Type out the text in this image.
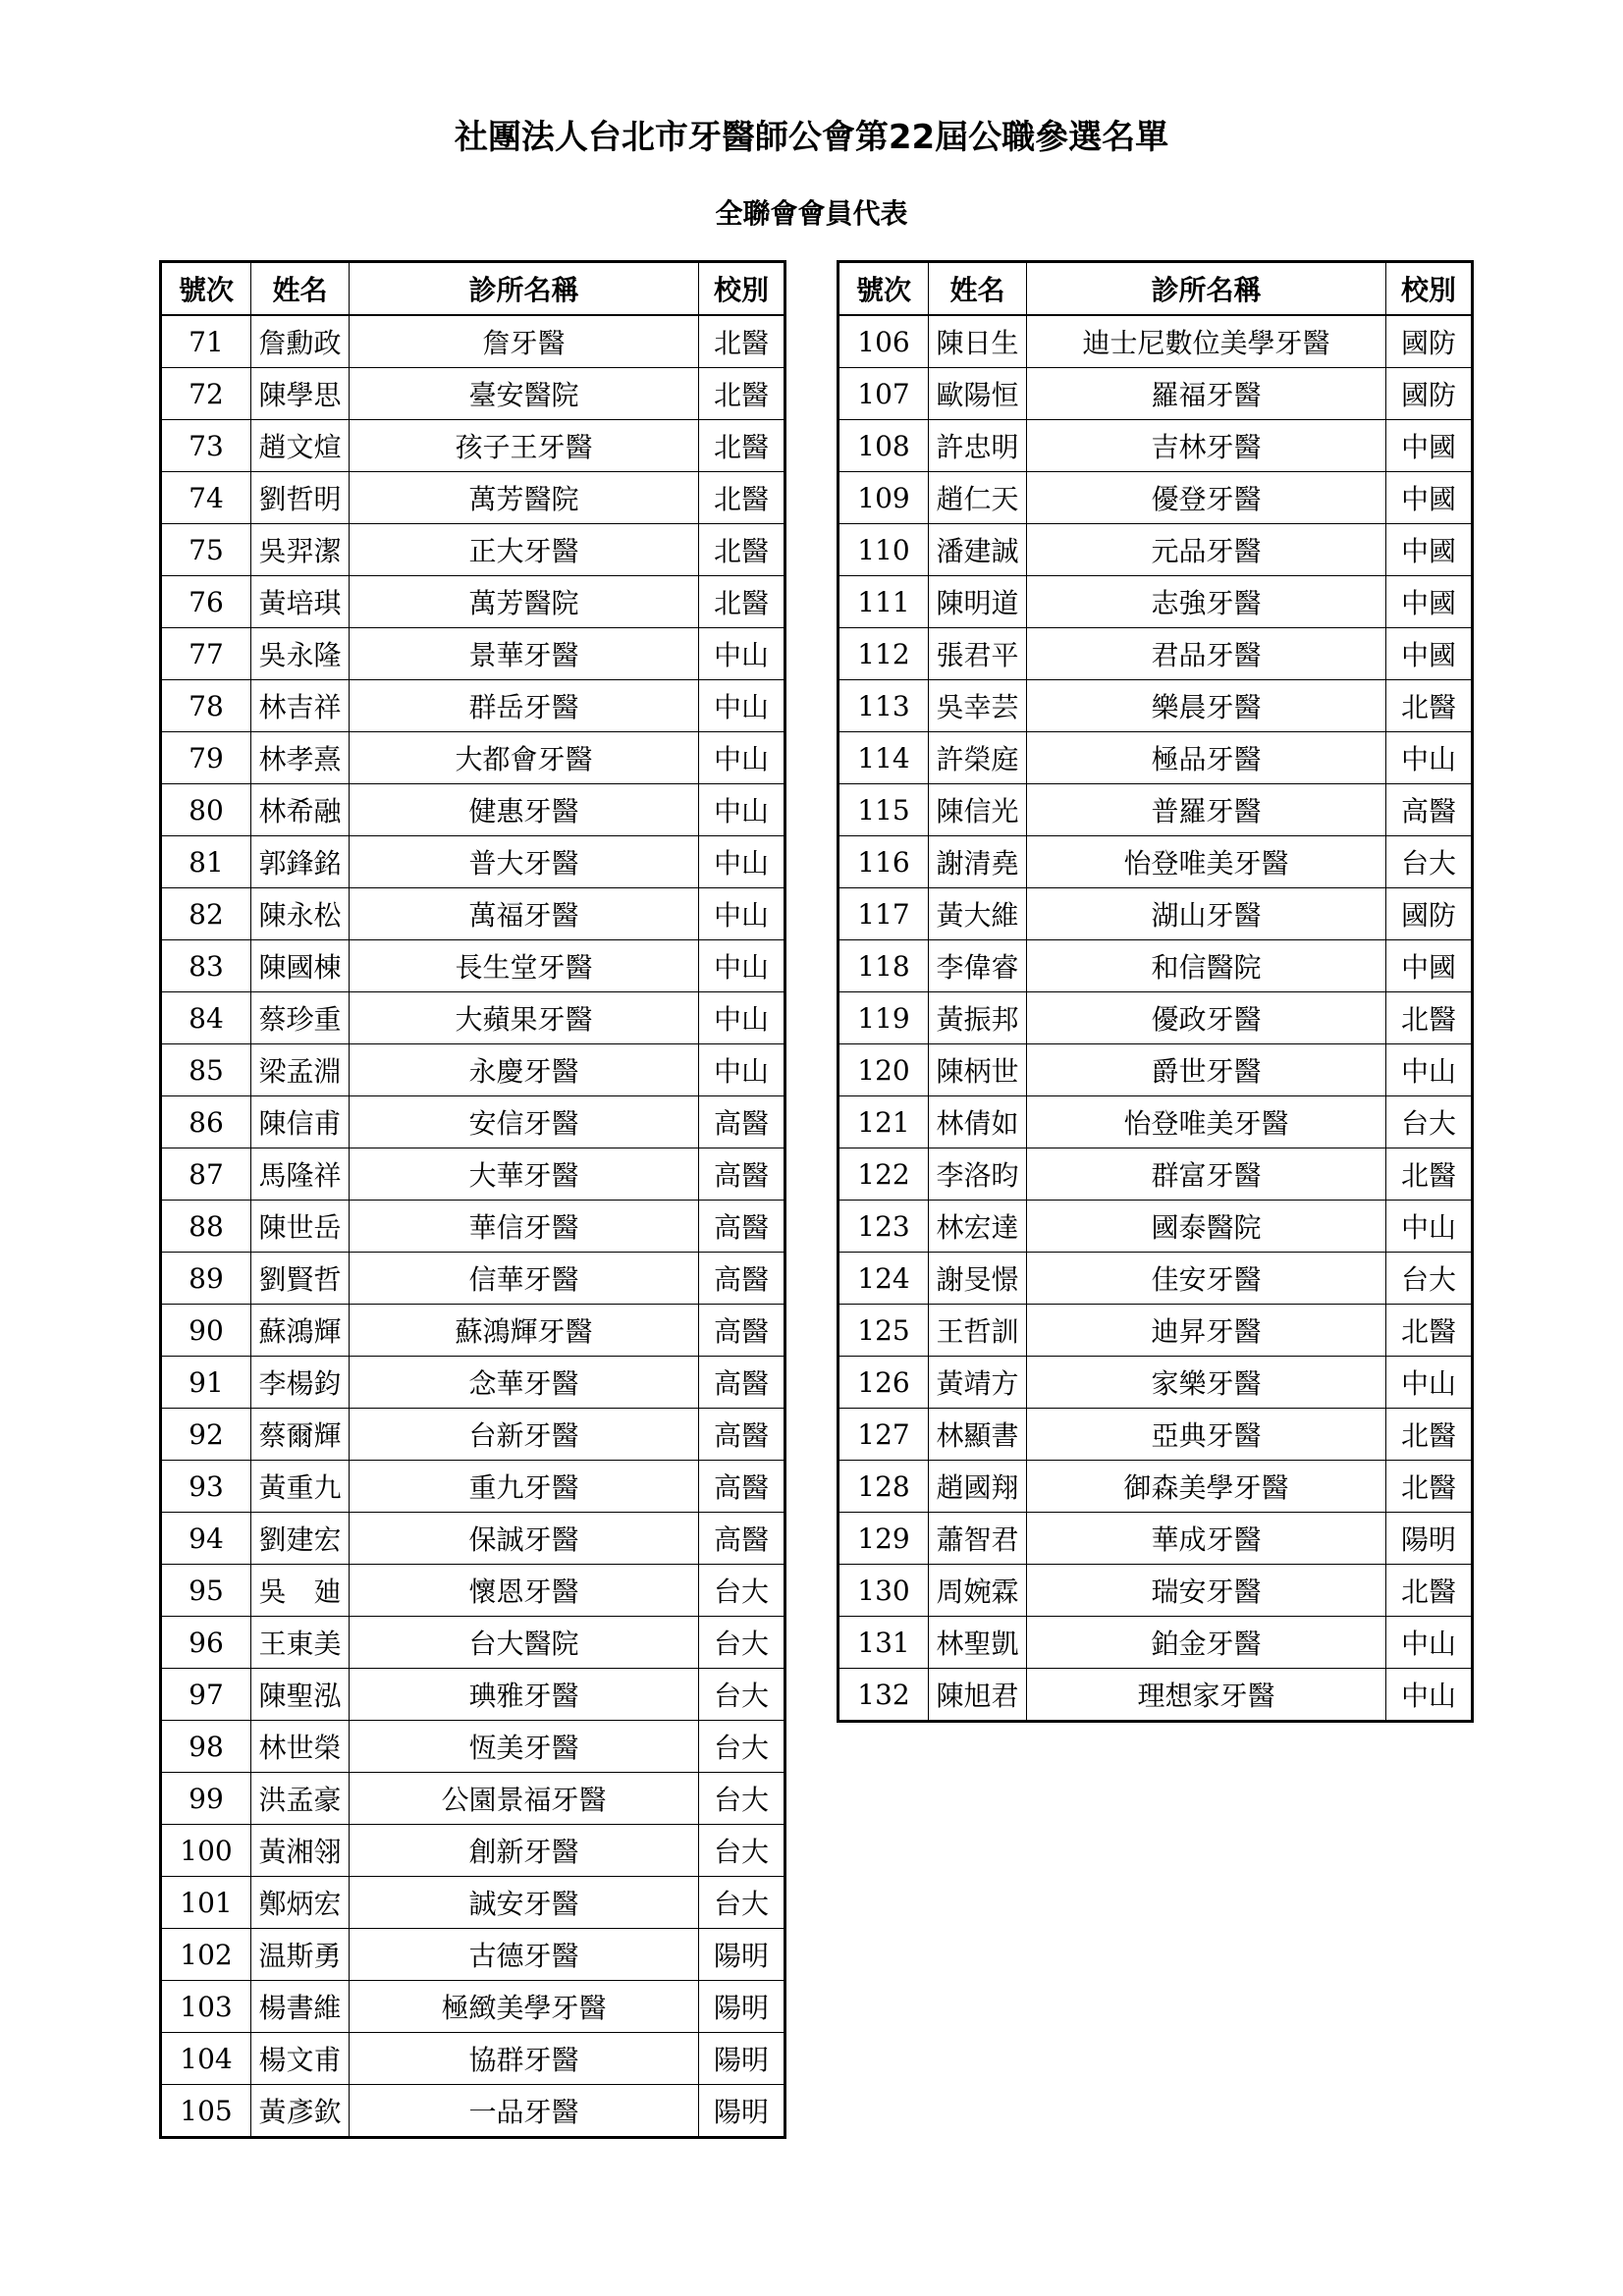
社團法人台北市牙醫師公會第22屆公職參選名單
全聯會會員代表
號次	姓名	診所名稱	校別
71	詹勳政	詹牙醫	北醫
72	陳學思	臺安醫院	北醫
73	趙文煊	孩子王牙醫	北醫
74	劉哲明	萬芳醫院	北醫
75	吳羿潔	正大牙醫	北醫
76	黃培琪	萬芳醫院	北醫
77	吳永隆	景華牙醫	中山
78	林吉祥	群岳牙醫	中山
79	林孝熹	大都會牙醫	中山
80	林希融	健惠牙醫	中山
81	郭鋒銘	普大牙醫	中山
82	陳永松	萬福牙醫	中山
83	陳國棟	長生堂牙醫	中山
84	蔡珍重	大蘋果牙醫	中山
85	梁孟淵	永慶牙醫	中山
86	陳信甫	安信牙醫	高醫
87	馬隆祥	大華牙醫	高醫
88	陳世岳	華信牙醫	高醫
89	劉賢哲	信華牙醫	高醫
90	蘇鴻輝	蘇鴻輝牙醫	高醫
91	李楊鈞	念華牙醫	高醫
92	蔡爾輝	台新牙醫	高醫
93	黃重九	重九牙醫	高醫
94	劉建宏	保誠牙醫	高醫
95	吳　廸	懷恩牙醫	台大
96	王東美	台大醫院	台大
97	陳聖泓	琠雅牙醫	台大
98	林世榮	恆美牙醫	台大
99	洪孟豪	公園景福牙醫	台大
100	黃湘翎	創新牙醫	台大
101	鄭炳宏	誠安牙醫	台大
102	温斯勇	古德牙醫	陽明
103	楊書維	極緻美學牙醫	陽明
104	楊文甫	協群牙醫	陽明
105	黃彥欽	一品牙醫	陽明
號次	姓名	診所名稱	校別
106	陳日生	迪士尼數位美學牙醫	國防
107	歐陽恒	羅福牙醫	國防
108	許忠明	吉林牙醫	中國
109	趙仁天	優登牙醫	中國
110	潘建誠	元品牙醫	中國
111	陳明道	志強牙醫	中國
112	張君平	君品牙醫	中國
113	吳幸芸	樂晨牙醫	北醫
114	許榮庭	極品牙醫	中山
115	陳信光	普羅牙醫	高醫
116	謝清堯	怡登唯美牙醫	台大
117	黃大維	湖山牙醫	國防
118	李偉睿	和信醫院	中國
119	黃振邦	優政牙醫	北醫
120	陳柄世	爵世牙醫	中山
121	林倩如	怡登唯美牙醫	台大
122	李洛昀	群富牙醫	北醫
123	林宏達	國泰醫院	中山
124	謝旻憬	佳安牙醫	台大
125	王哲訓	迪昇牙醫	北醫
126	黃靖方	家樂牙醫	中山
127	林顯書	亞典牙醫	北醫
128	趙國翔	御森美學牙醫	北醫
129	蕭智君	華成牙醫	陽明
130	周婉霖	瑞安牙醫	北醫
131	林聖凱	鉑金牙醫	中山
132	陳旭君	理想家牙醫	中山
